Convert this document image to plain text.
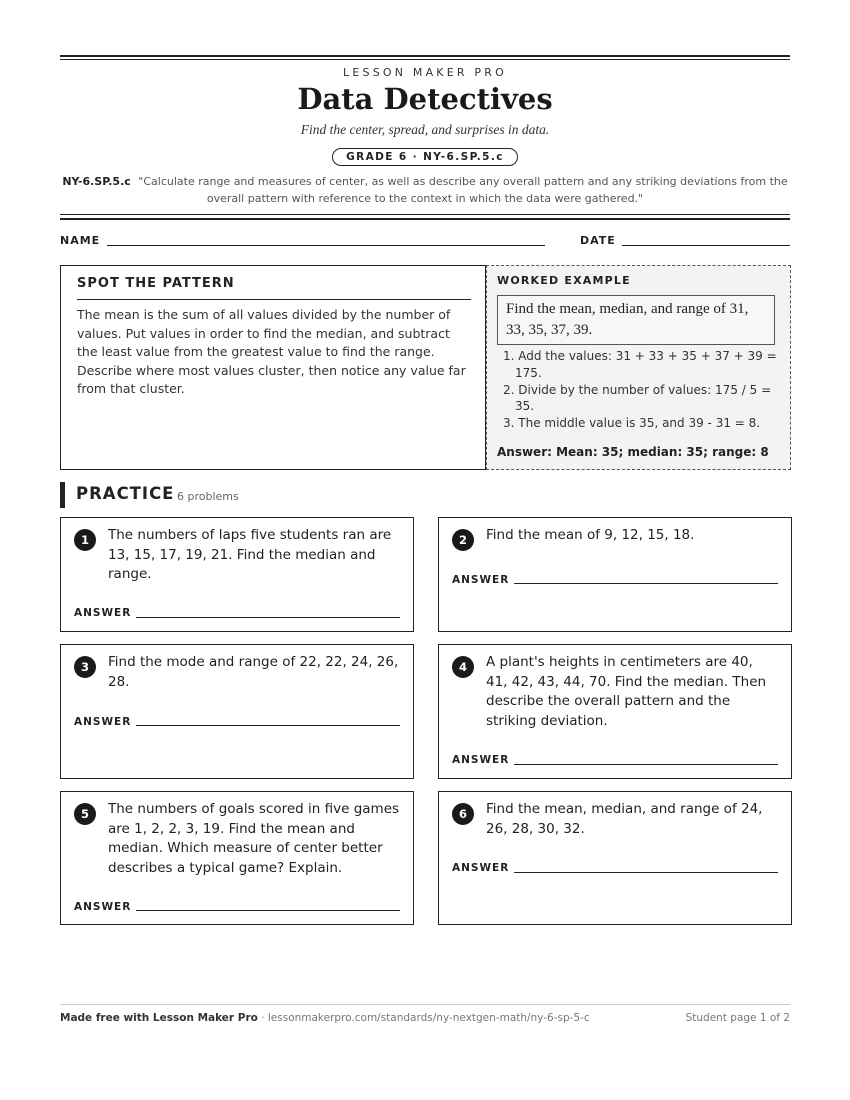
LESSON MAKER PRO
Data Detectives
Find the center, spread, and surprises in data.
GRADE 6 · NY-6.SP.5.c
NY-6.SP.5.c "Calculate range and measures of center, as well as describe any overall pattern and any striking deviations from the overall pattern with reference to the context in which the data were gathered."
NAME	DATE
SPOT THE PATTERN
The mean is the sum of all values divided by the number of values. Put values in order to find the median, and subtract the least value from the greatest value to find the range. Describe where most values cluster, then notice any value far from that cluster.
WORKED EXAMPLE
Find the mean, median, and range of 31, 33, 35, 37, 39.
1. Add the values: 31 + 33 + 35 + 37 + 39 = 175.
2. Divide by the number of values: 175 / 5 = 35.
3. The middle value is 35, and 39 - 31 = 8.
Answer: Mean: 35; median: 35; range: 8
PRACTICE 6 problems
1	The numbers of laps five students ran are 13, 15, 17, 19, 21. Find the median and range.
ANSWER
2	Find the mean of 9, 12, 15, 18.
ANSWER
3	Find the mode and range of 22, 22, 24, 26, 28.
ANSWER
4	A plant's heights in centimeters are 40, 41, 42, 43, 44, 70. Find the median. Then describe the overall pattern and the striking deviation.
ANSWER
5	The numbers of goals scored in five games are 1, 2, 2, 3, 19. Find the mean and median. Which measure of center better describes a typical game? Explain.
ANSWER
6	Find the mean, median, and range of 24, 26, 28, 30, 32.
ANSWER
Made free with Lesson Maker Pro · lessonmakerpro.com/standards/ny-nextgen-math/ny-6-sp-5-c	Student page 1 of 2
